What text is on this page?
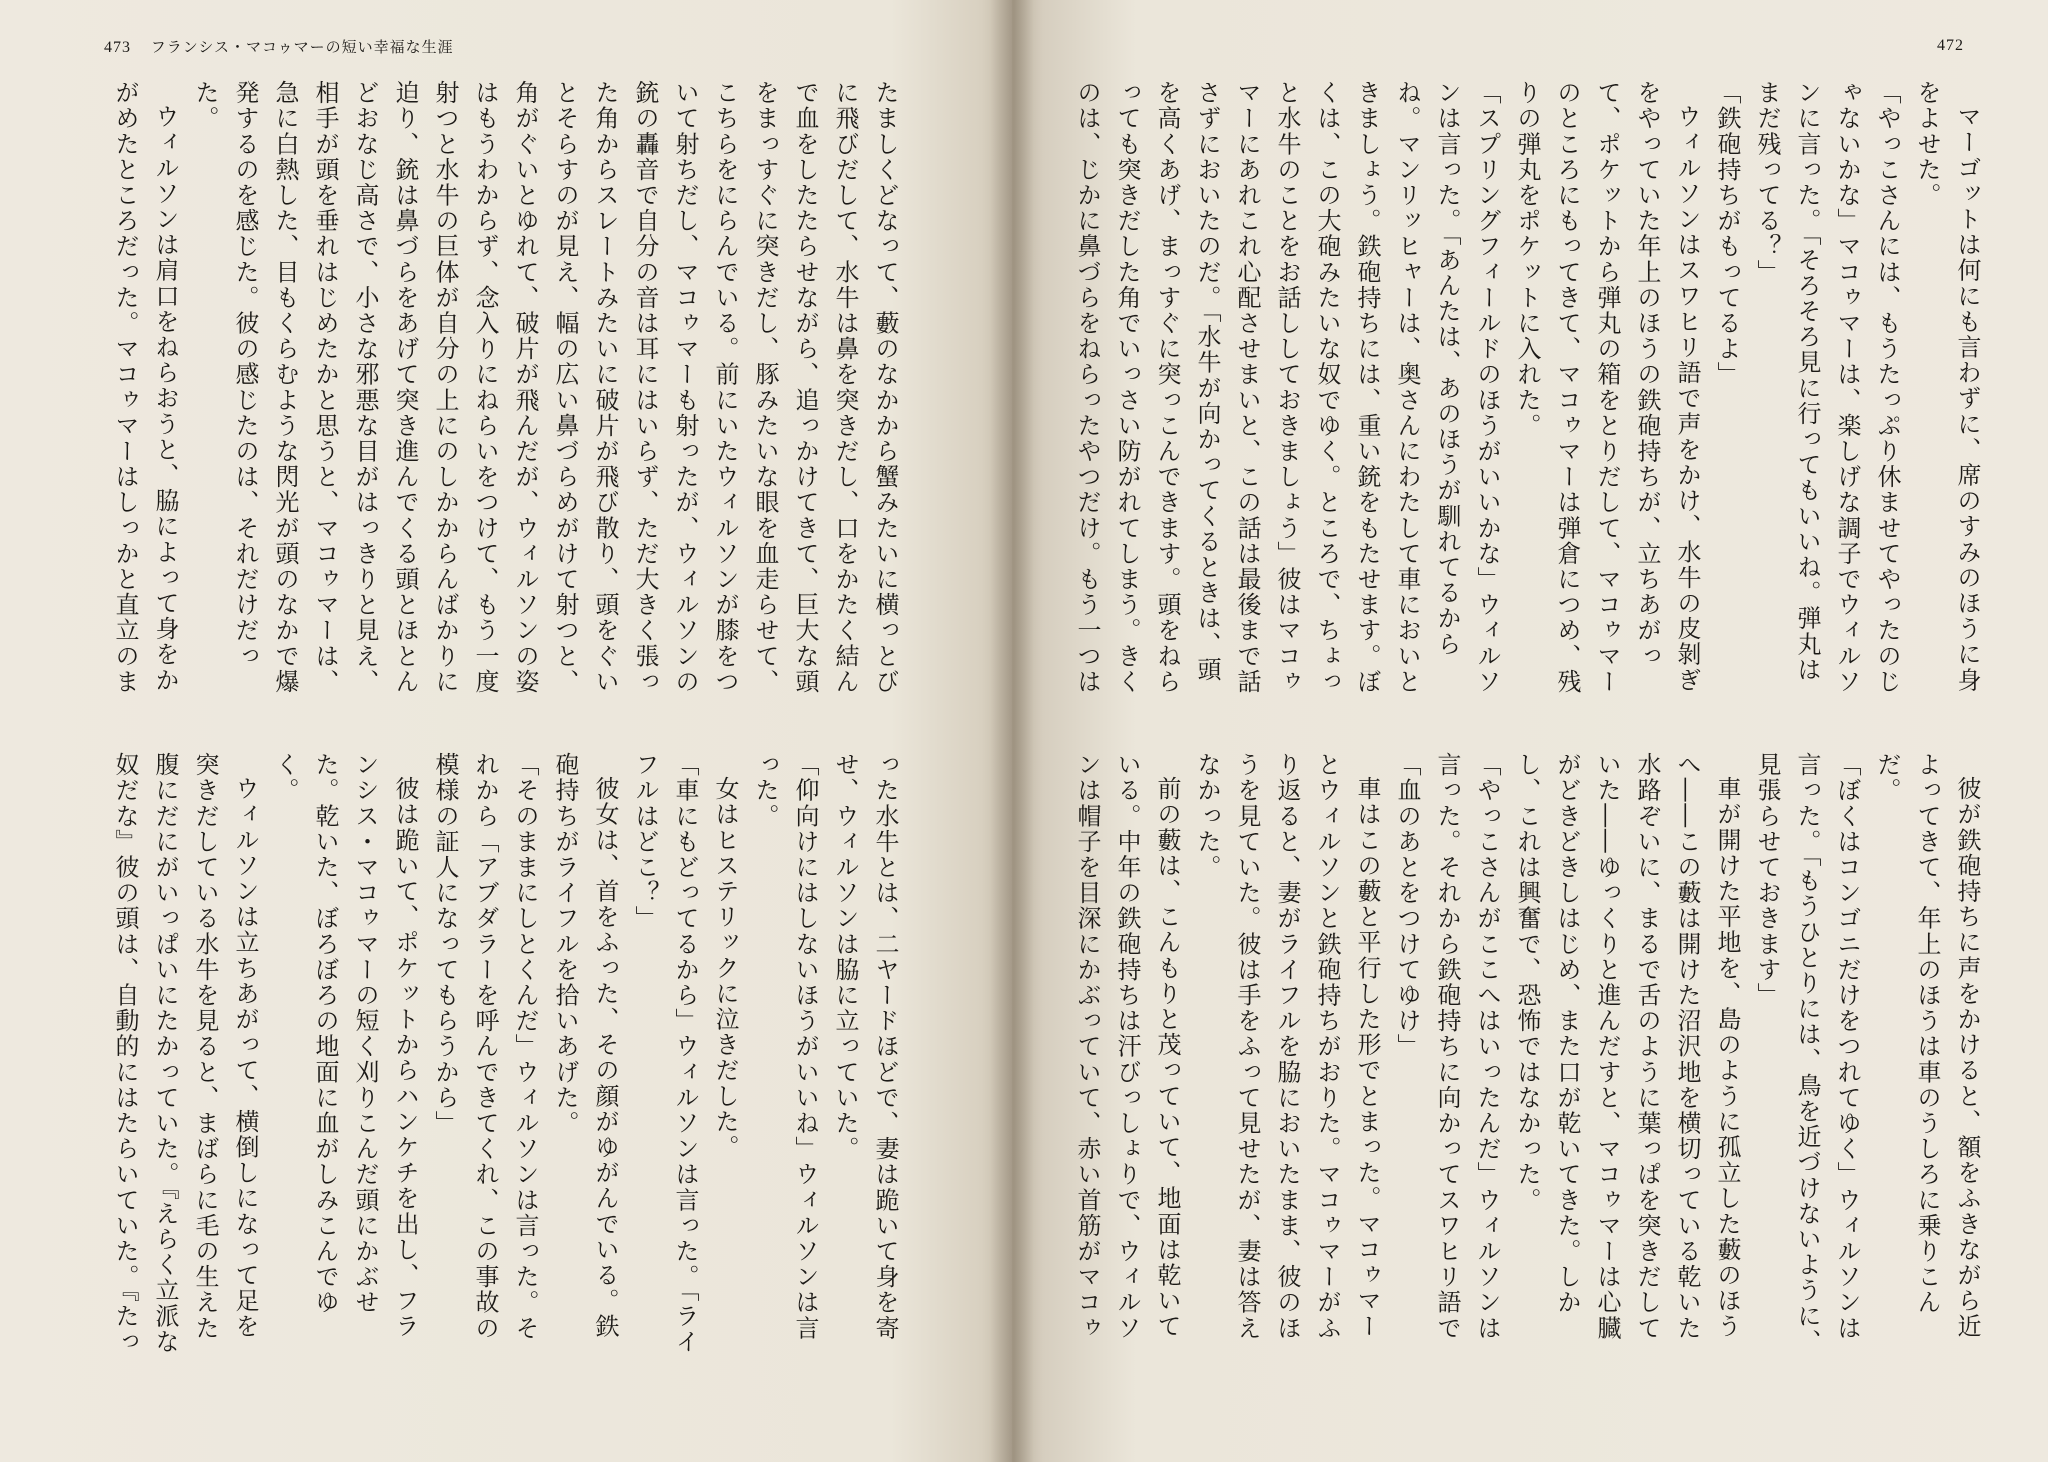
473 フランシス・マコゥマーの短い幸福な生涯

たましくどなって、藪のなかから蟹みたいに横っとびに飛びだして、水牛は鼻を突きだし、口をかたく結んで血をしたたらせながら、追っかけてきて、巨大な頭をまっすぐに突きだし、豚みたいな眼を血走らせて、こちらをにらんでいる。前にいたウィルソンが膝をついて射ちだし、マコゥマーも射ったが、ウィルソンの銃の轟音で自分の音は耳にはいらず、ただ大きく張った角からスレートみたいに破片が飛び散り、頭をぐいとそらすのが見え、幅の広い鼻づらめがけて射つと、角がぐいとゆれて、破片が飛んだが、ウィルソンの姿はもうわからず、念入りにねらいをつけて、もう一度射つと水牛の巨体が自分の上にのしかからんばかりに迫り、銃は鼻づらをあげて突き進んでくる頭とほとんどおなじ高さで、小さな邪悪な目がはっきりと見え、相手が頭を垂れはじめたかと思うと、マコゥマーは、急に白熱した、目もくらむような閃光が頭のなかで爆発するのを感じた。彼の感じたのは、それだけだった。

ウィルソンは肩口をねらおうと、脇によって身をかがめたところだった。マコゥマーはしっかと直立のま

った水牛とは、二ヤードほどで、妻は跪いて身を寄せ、ウィルソンは脇に立っていた。

「仰向けにはしないほうがいいね」ウィルソンは言った。

女はヒステリックに泣きだした。

「車にもどってるから」ウィルソンは言った。「ライフルはどこ？」

彼女は、首をふった、その顔がゆがんでいる。鉄砲持ちがライフルを拾いあげた。

「そのままにしとくんだ」ウィルソンは言った。それから「アブダラーを呼んできてくれ、この事故の模様の証人になってもらうから」

彼は跪いて、ポケットからハンケチを出し、フランシス・マコゥマーの短く刈りこんだ頭にかぶせた。乾いた、ぼろぼろの地面に血がしみこんでゆく。

ウィルソンは立ちあがって、横倒しになって足を突きだしている水牛を見ると、まばらに毛の生えた腹にだにがいっぱいにたかっていた。『えらく立派な奴だな』彼の頭は、自動的にはたらいていた。『たっ

472

マーゴットは何にも言わずに、席のすみのほうに身をよせた。

「やっこさんには、もうたっぷり休ませてやったのじゃないかな」マコゥマーは、楽しげな調子でウィルソンに言った。「そろそろ見に行ってもいいね。弾丸はまだ残ってる？」

「鉄砲持ちがもってるよ」

ウィルソンはスワヒリ語で声をかけ、水牛の皮剝ぎをやっていた年上のほうの鉄砲持ちが、立ちあがって、ポケットから弾丸の箱をとりだして、マコゥマーのところにもってきて、マコゥマーは弾倉につめ、残りの弾丸をポケットに入れた。

「スプリングフィールドのほうがいいかな」ウィルソンは言った。「あんたは、あのほうが馴れてるからね。マンリッヒャーは、奥さんにわたして車においときましょう。鉄砲持ちには、重い銃をもたせます。ぼくは、この大砲みたいな奴でゆく。ところで、ちょっと水牛のことをお話ししておきましょう」彼はマコゥマーにあれこれ心配させまいと、この話は最後まで話さずにおいたのだ。「水牛が向かってくるときは、頭を高くあげ、まっすぐに突っこんできます。頭をねらっても突きだした角でいっさい防がれてしまう。きくのは、じかに鼻づらをねらったやつだけ。もう一つは

彼が鉄砲持ちに声をかけると、額をふきながら近よってきて、年上のほうは車のうしろに乗りこんだ。

「ぼくはコンゴニだけをつれてゆく」ウィルソンは言った。「もうひとりには、鳥を近づけないように、見張らせておきます」

車が開けた平地を、島のように孤立した藪のほうへ――この藪は開けた沼沢地を横切っている乾いた水路ぞいに、まるで舌のように葉っぱを突きだしていた――ゆっくりと進んだすと、マコゥマーは心臓がどきどきしはじめ、また口が乾いてきた。しかし、これは興奮で、恐怖ではなかった。

「やっこさんがここへはいったんだ」ウィルソンは言った。それから鉄砲持ちに向かってスワヒリ語で「血のあとをつけてゆけ」

車はこの藪と平行した形でとまった。マコゥマーとウィルソンと鉄砲持ちがおりた。マコゥマーがふり返ると、妻がライフルを脇においたまま、彼のほうを見ていた。彼は手をふって見せたが、妻は答えなかった。

前の藪は、こんもりと茂っていて、地面は乾いている。中年の鉄砲持ちは汗びっしょりで、ウィルソンは帽子を目深にかぶっていて、赤い首筋がマコゥ
